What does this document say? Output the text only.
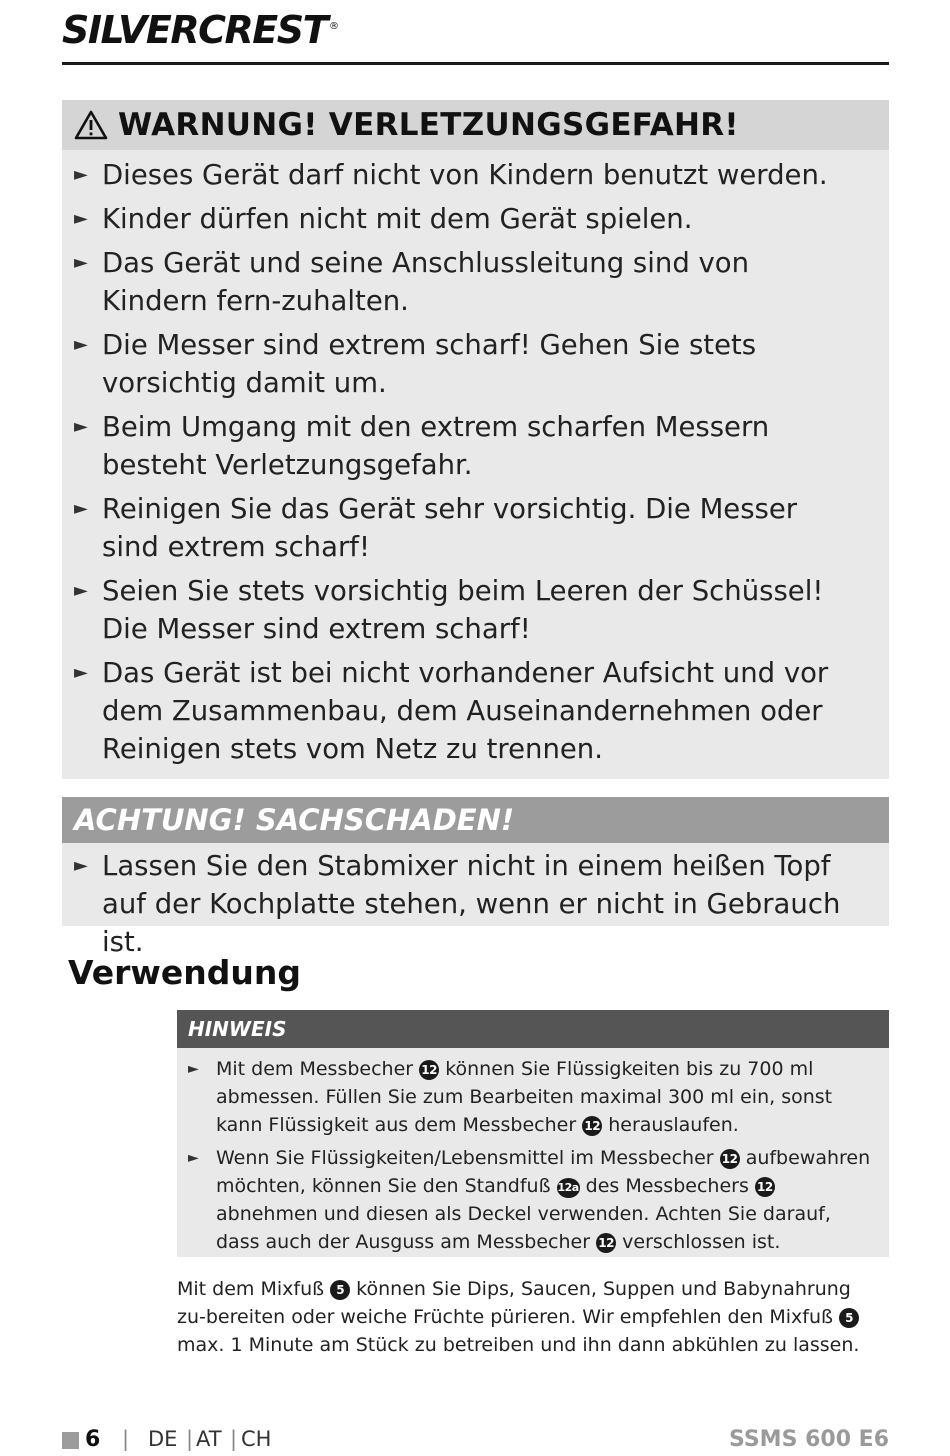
SILVERCREST ®
WARNUNG! VERLETZUNGSGEFAHR!
► Dieses Gerät darf nicht von Kindern benutzt werden.
► Kinder dürfen nicht mit dem Gerät spielen.
► Das Gerät und seine Anschlussleitung sind von Kindern fern-zuhalten.
► Die Messer sind extrem scharf! Gehen Sie stets vorsichtig damit um.
► Beim Umgang mit den extrem scharfen Messern besteht Verletzungsgefahr.
► Reinigen Sie das Gerät sehr vorsichtig. Die Messer sind extrem scharf!
► Seien Sie stets vorsichtig beim Leeren der Schüssel! Die Messer sind extrem scharf!
► Das Gerät ist bei nicht vorhandener Aufsicht und vor dem Zusammenbau, dem Auseinandernehmen oder Reinigen stets vom Netz zu trennen.
ACHTUNG! SACHSCHADEN!
► Lassen Sie den Stabmixer nicht in einem heißen Topf auf der Kochplatte stehen, wenn er nicht in Gebrauch ist.
Verwendung
HINWEIS
► Mit dem Messbecher 12 können Sie Flüssigkeiten bis zu 700 ml abmessen. Füllen Sie zum Bearbeiten maximal 300 ml ein, sonst kann Flüssigkeit aus dem Messbecher 12 herauslaufen.
► Wenn Sie Flüssigkeiten/Lebensmittel im Messbecher 12 aufbewahren möchten, können Sie den Standfuß 12a des Messbechers 12 abnehmen und diesen als Deckel verwenden. Achten Sie darauf, dass auch der Ausguss am Messbecher 12 verschlossen ist.
Mit dem Mixfuß 5 können Sie Dips, Saucen, Suppen und Babynahrung zu-bereiten oder weiche Früchte pürieren. Wir empfehlen den Mixfuß 5 max. 1 Minute am Stück zu betreiben und ihn dann abkühlen zu lassen.
6 | DE | AT | CH	SSMS 600 E6
